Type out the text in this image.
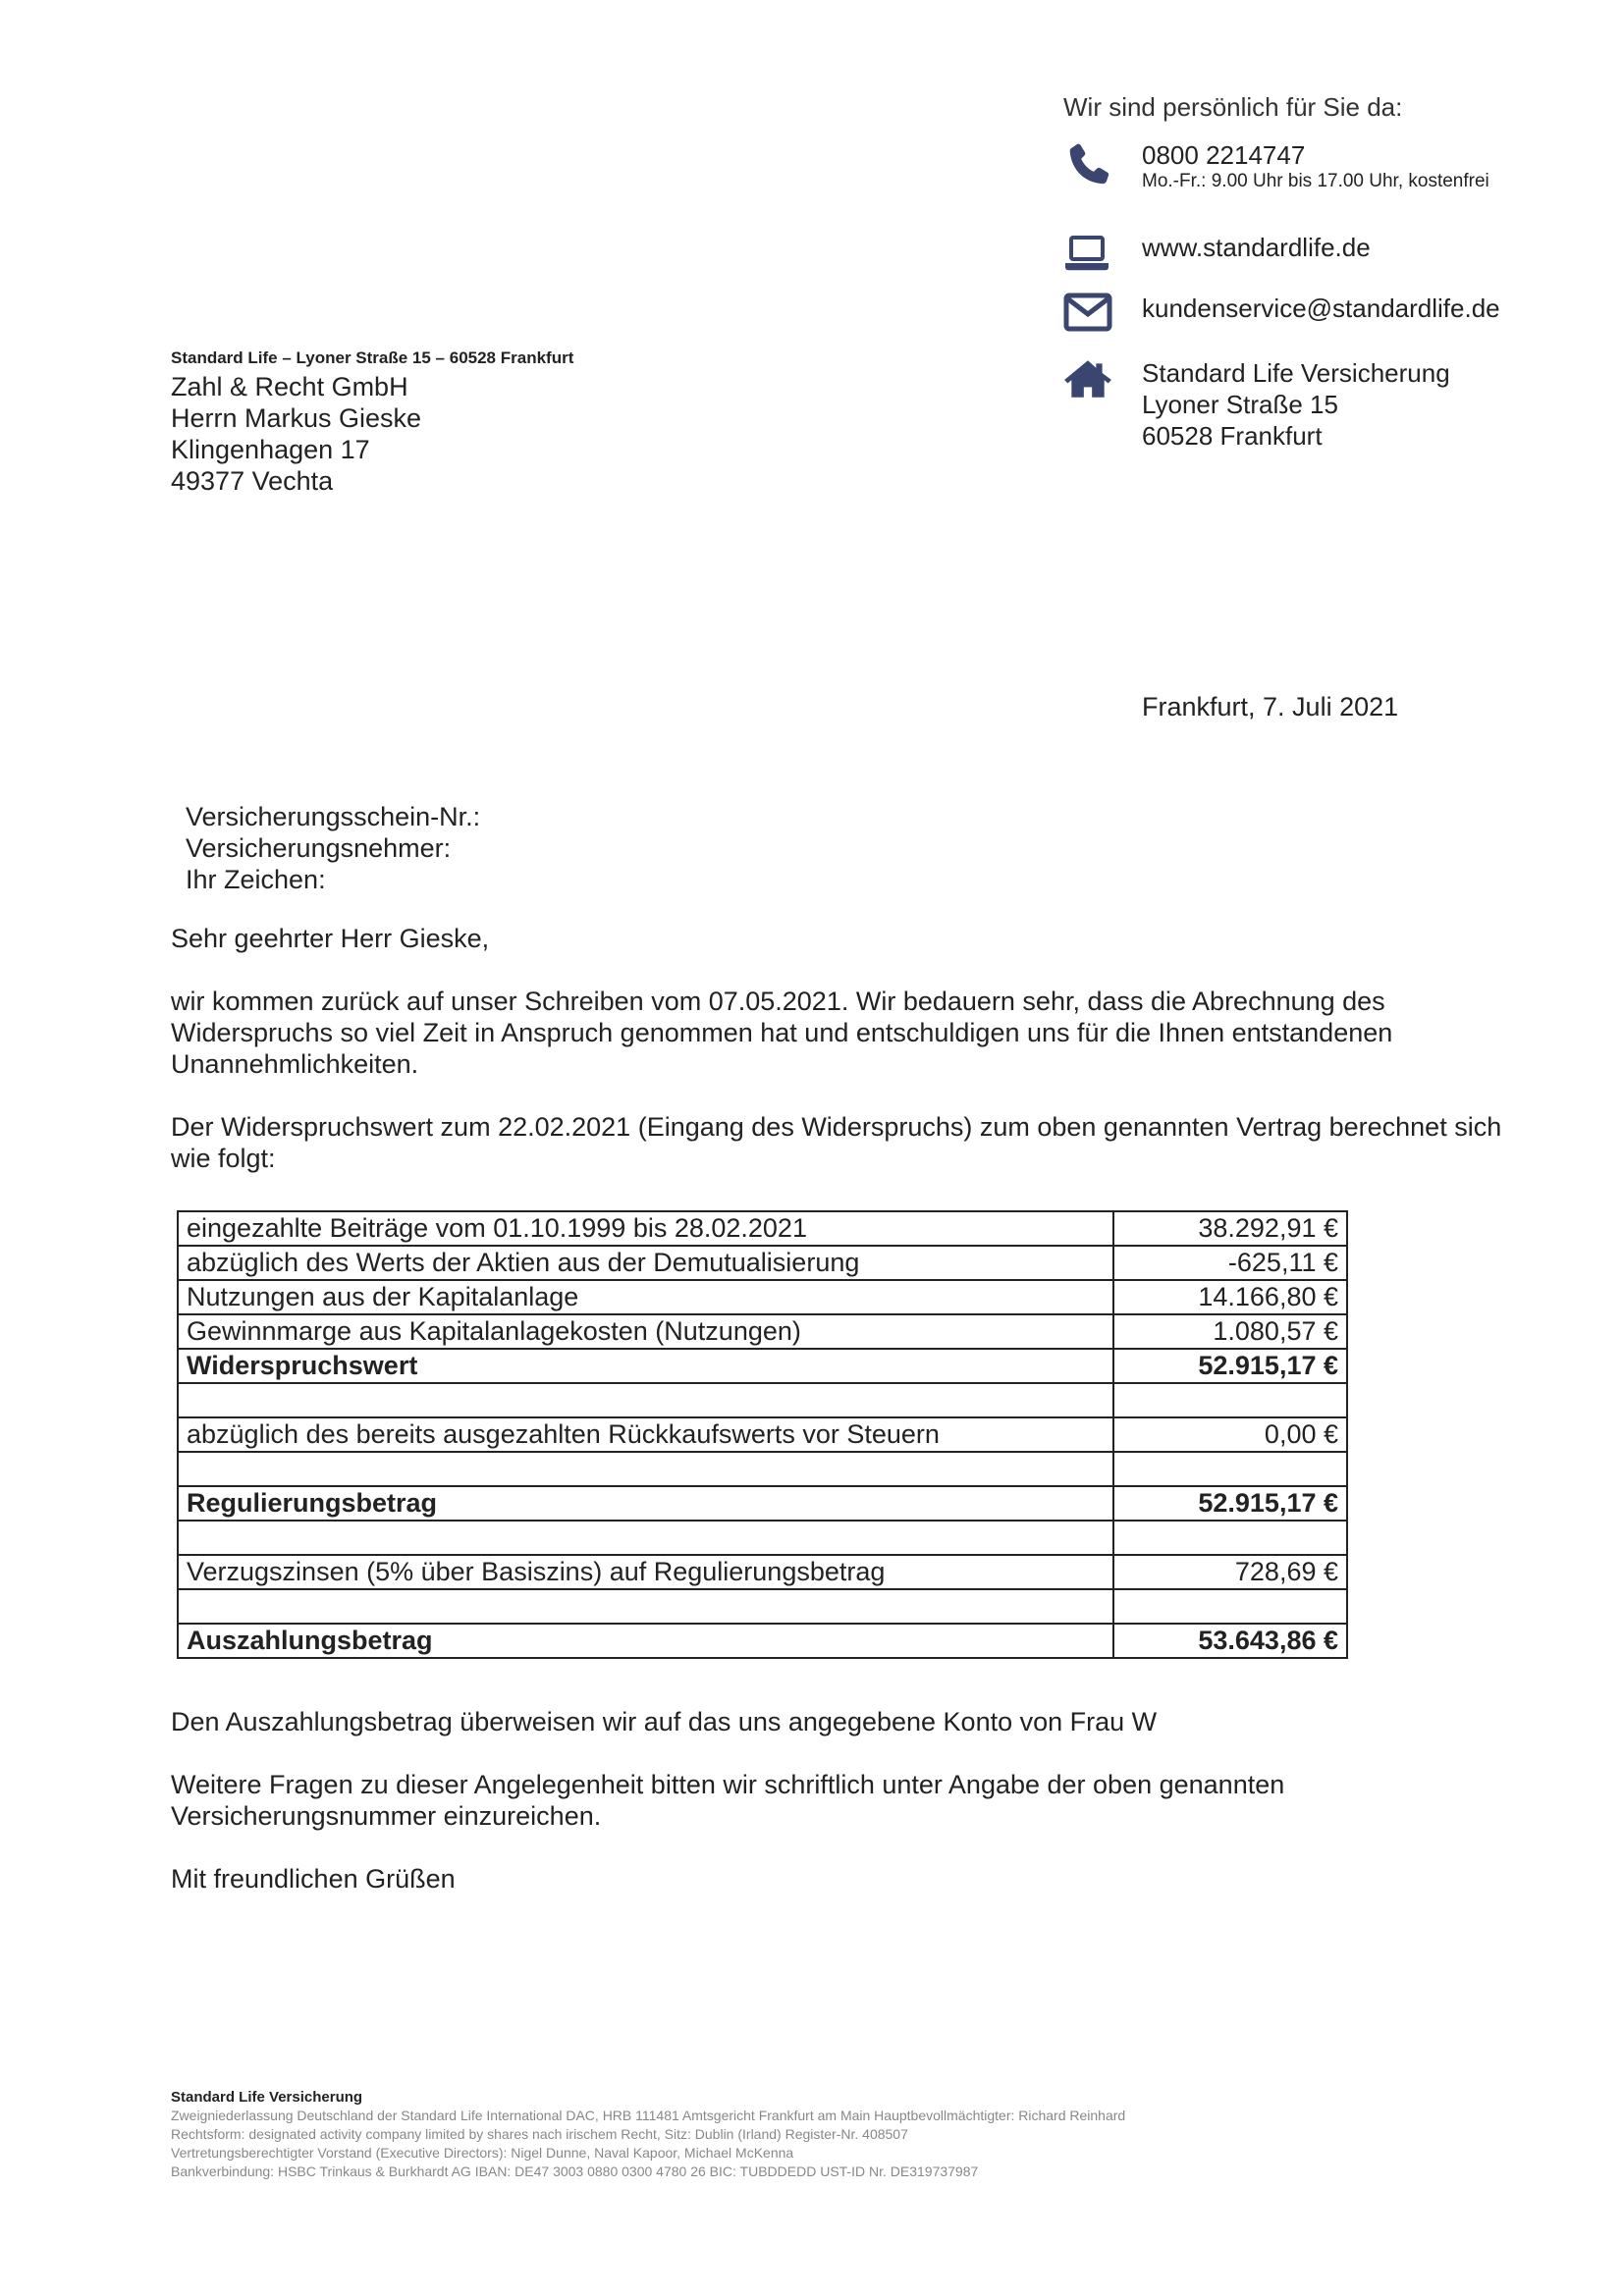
Wir sind persönlich für Sie da:
0800 2214747
Mo.-Fr.: 9.00 Uhr bis 17.00 Uhr, kostenfrei
www.standardlife.de
kundenservice@standardlife.de
Standard Life Versicherung
Lyoner Straße 15
60528 Frankfurt
Standard Life – Lyoner Straße 15 – 60528 Frankfurt
Zahl & Recht GmbH
Herrn Markus Gieske
Klingenhagen 17
49377 Vechta
Frankfurt, 7. Juli 2021
Versicherungsschein-Nr.:
Versicherungsnehmer:
Ihr Zeichen:
Sehr geehrter Herr Gieske,
wir kommen zurück auf unser Schreiben vom 07.05.2021. Wir bedauern sehr, dass die Abrechnung des Widerspruchs so viel Zeit in Anspruch genommen hat und entschuldigen uns für die Ihnen entstandenen Unannehmlichkeiten.
Der Widerspruchswert zum 22.02.2021 (Eingang des Widerspruchs) zum oben genannten Vertrag berechnet sich wie folgt:
eingezahlte Beiträge vom 01.10.1999 bis 28.02.2021	38.292,91 €
abzüglich des Werts der Aktien aus der Demutualisierung	-625,11 €
Nutzungen aus der Kapitalanlage	14.166,80 €
Gewinnmarge aus Kapitalanlagekosten (Nutzungen)	1.080,57 €
Widerspruchswert	52.915,17 €

abzüglich des bereits ausgezahlten Rückkaufswerts vor Steuern	0,00 €

Regulierungsbetrag	52.915,17 €

Verzugszinsen (5% über Basiszins) auf Regulierungsbetrag	728,69 €

Auszahlungsbetrag	53.643,86 €
Den Auszahlungsbetrag überweisen wir auf das uns angegebene Konto von Frau W
Weitere Fragen zu dieser Angelegenheit bitten wir schriftlich unter Angabe der oben genannten Versicherungsnummer einzureichen.
Mit freundlichen Grüßen
Standard Life Versicherung
Zweigniederlassung Deutschland der Standard Life International DAC, HRB 111481 Amtsgericht Frankfurt am Main Hauptbevollmächtigter: Richard Reinhard
Rechtsform: designated activity company limited by shares nach irischem Recht, Sitz: Dublin (Irland) Register-Nr. 408507
Vertretungsberechtigter Vorstand (Executive Directors): Nigel Dunne, Naval Kapoor, Michael McKenna
Bankverbindung: HSBC Trinkaus & Burkhardt AG IBAN: DE47 3003 0880 0300 4780 26 BIC: TUBDDEDD UST-ID Nr. DE319737987
